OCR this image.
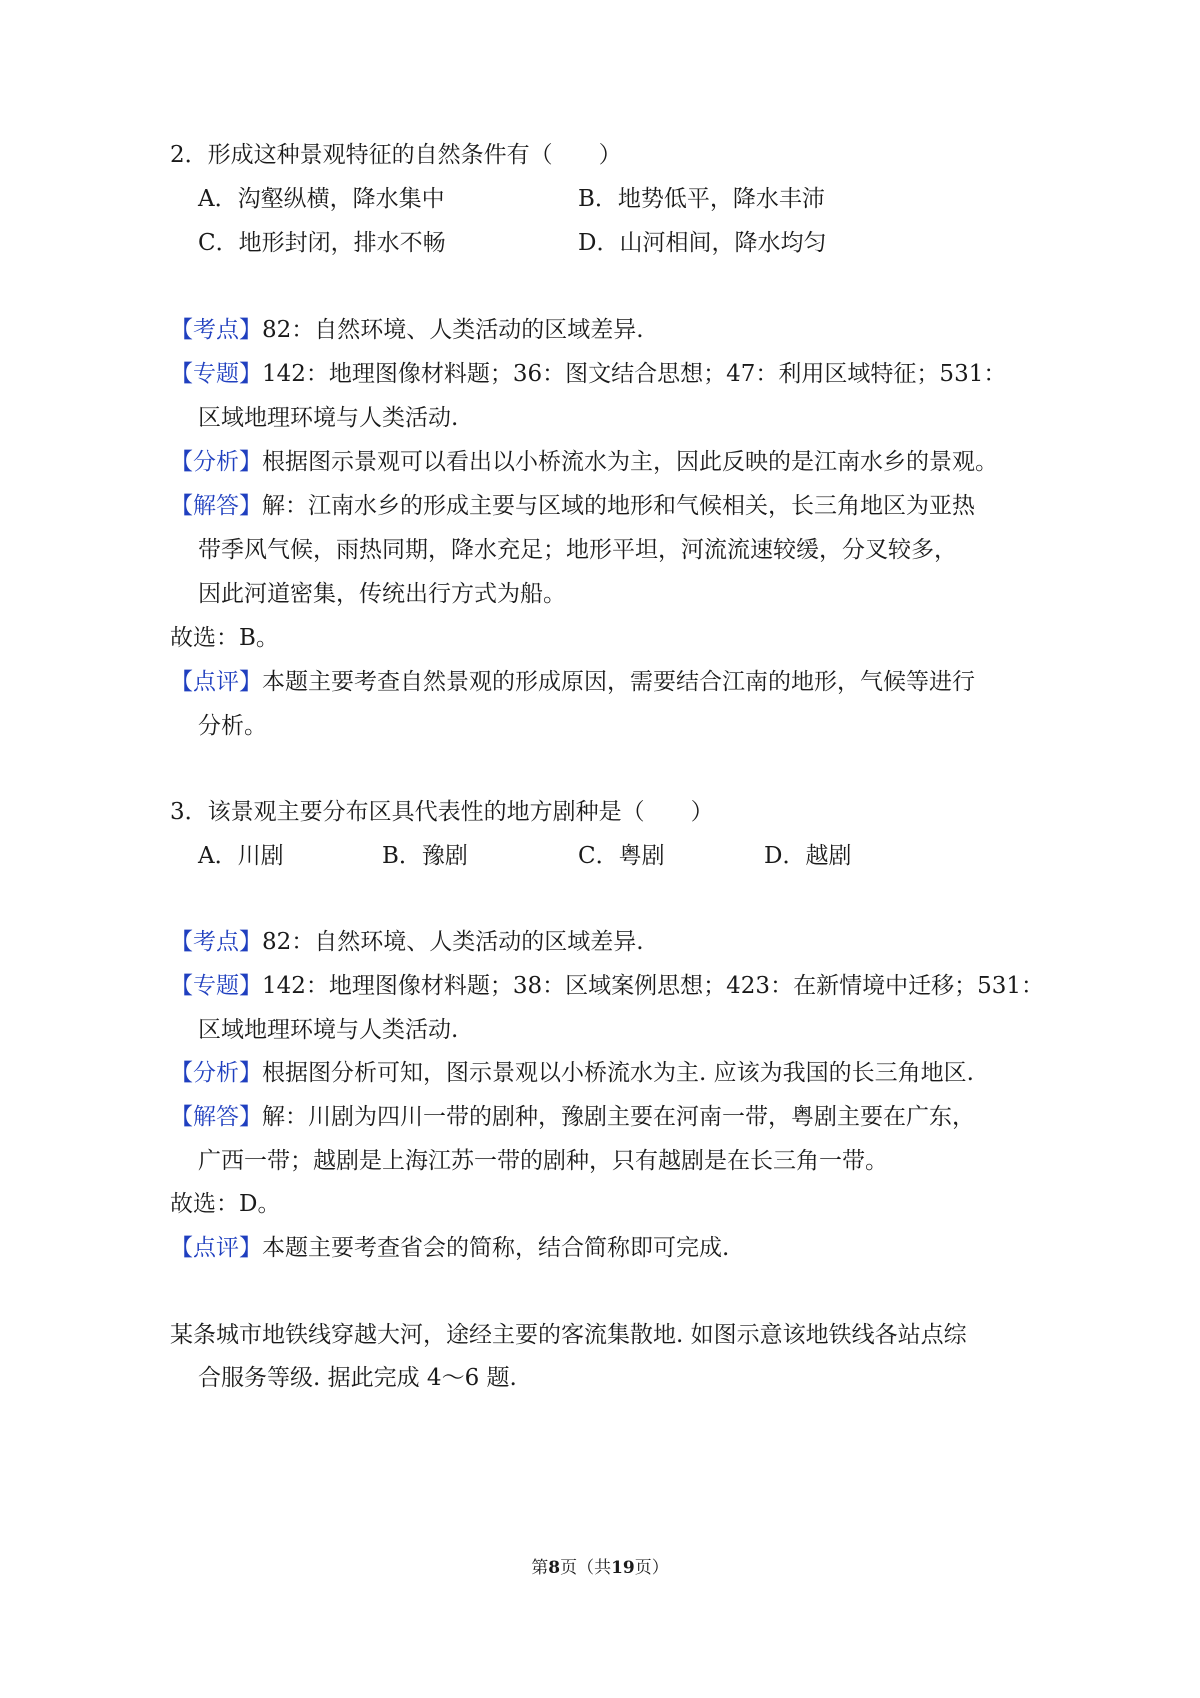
2．形成这种景观特征的自然条件有（　　）
A．沟壑纵横，降水集中	B．地势低平，降水丰沛
C．地形封闭，排水不畅	D．山河相间，降水均匀
【考点】82：自然环境、人类活动的区域差异.
【专题】142：地理图像材料题；36：图文结合思想；47：利用区域特征；531：
区域地理环境与人类活动.
【分析】根据图示景观可以看出以小桥流水为主，因此反映的是江南水乡的景观。
【解答】解：江南水乡的形成主要与区域的地形和气候相关，长三角地区为亚热
带季风气候，雨热同期，降水充足；地形平坦，河流流速较缓，分叉较多，
因此河道密集，传统出行方式为船。
故选：B。
【点评】本题主要考查自然景观的形成原因，需要结合江南的地形，气候等进行
分析。
3．该景观主要分布区具代表性的地方剧种是（　　）
A．川剧	B．豫剧	C．粤剧	D．越剧
【考点】82：自然环境、人类活动的区域差异.
【专题】142：地理图像材料题；38：区域案例思想；423：在新情境中迁移；531：
区域地理环境与人类活动.
【分析】根据图分析可知，图示景观以小桥流水为主. 应该为我国的长三角地区.
【解答】解：川剧为四川一带的剧种，豫剧主要在河南一带，粤剧主要在广东，
广西一带；越剧是上海江苏一带的剧种，只有越剧是在长三角一带。
故选：D。
【点评】本题主要考查省会的简称，结合简称即可完成.
某条城市地铁线穿越大河，途经主要的客流集散地. 如图示意该地铁线各站点综
合服务等级. 据此完成 4～6 题.
第8页（共19页）
